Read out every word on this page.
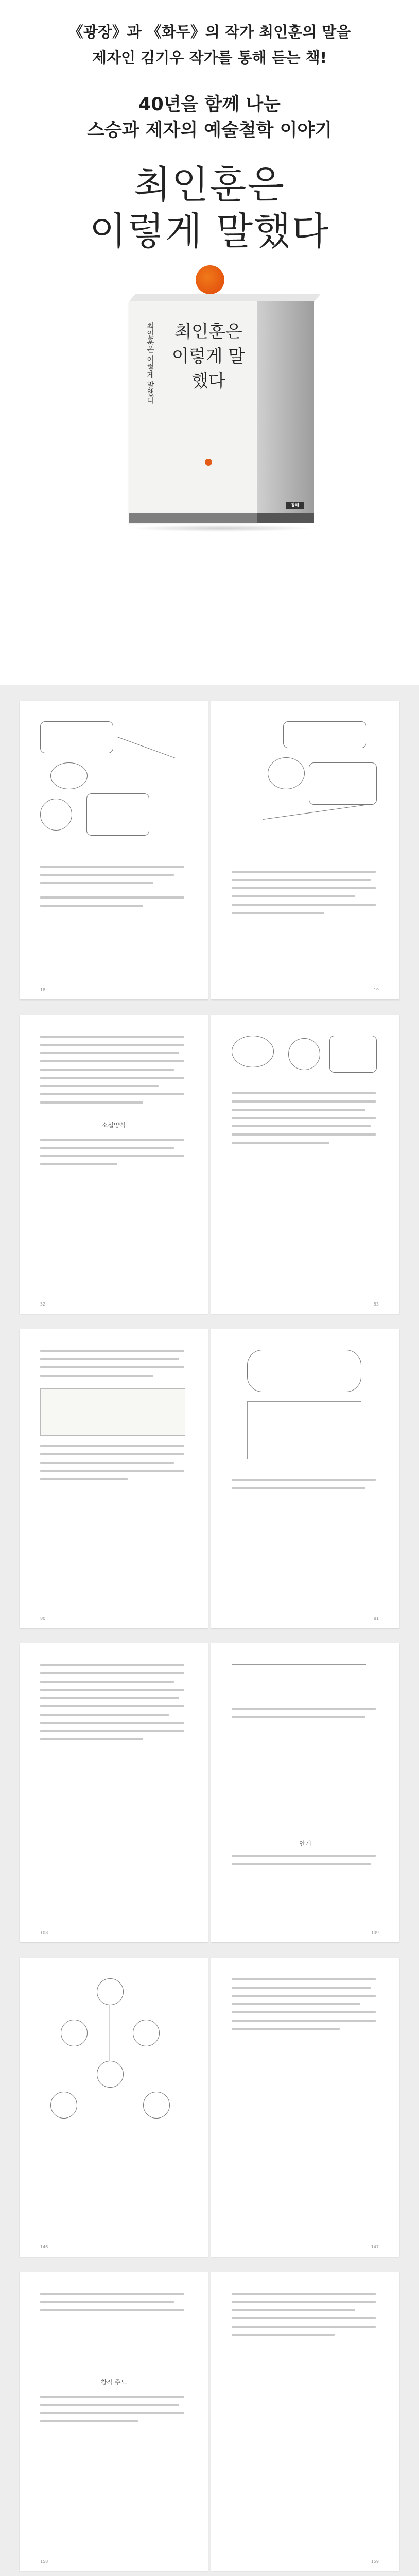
《광장》과 《화두》의 작가 최인훈의 말을
제자인 김기우 작가를 통해 듣는 책!
40년을 함께 나눈
스승과 제자의 예술철학 이야기
최인훈은
이렇게 말했다
최인훈은 이렇게 말했다 최인훈은 이렇게 말했다
창해
18	19
소설양식
52	53
80	81
108
안개
109
146	147
창작 주도
158	159
